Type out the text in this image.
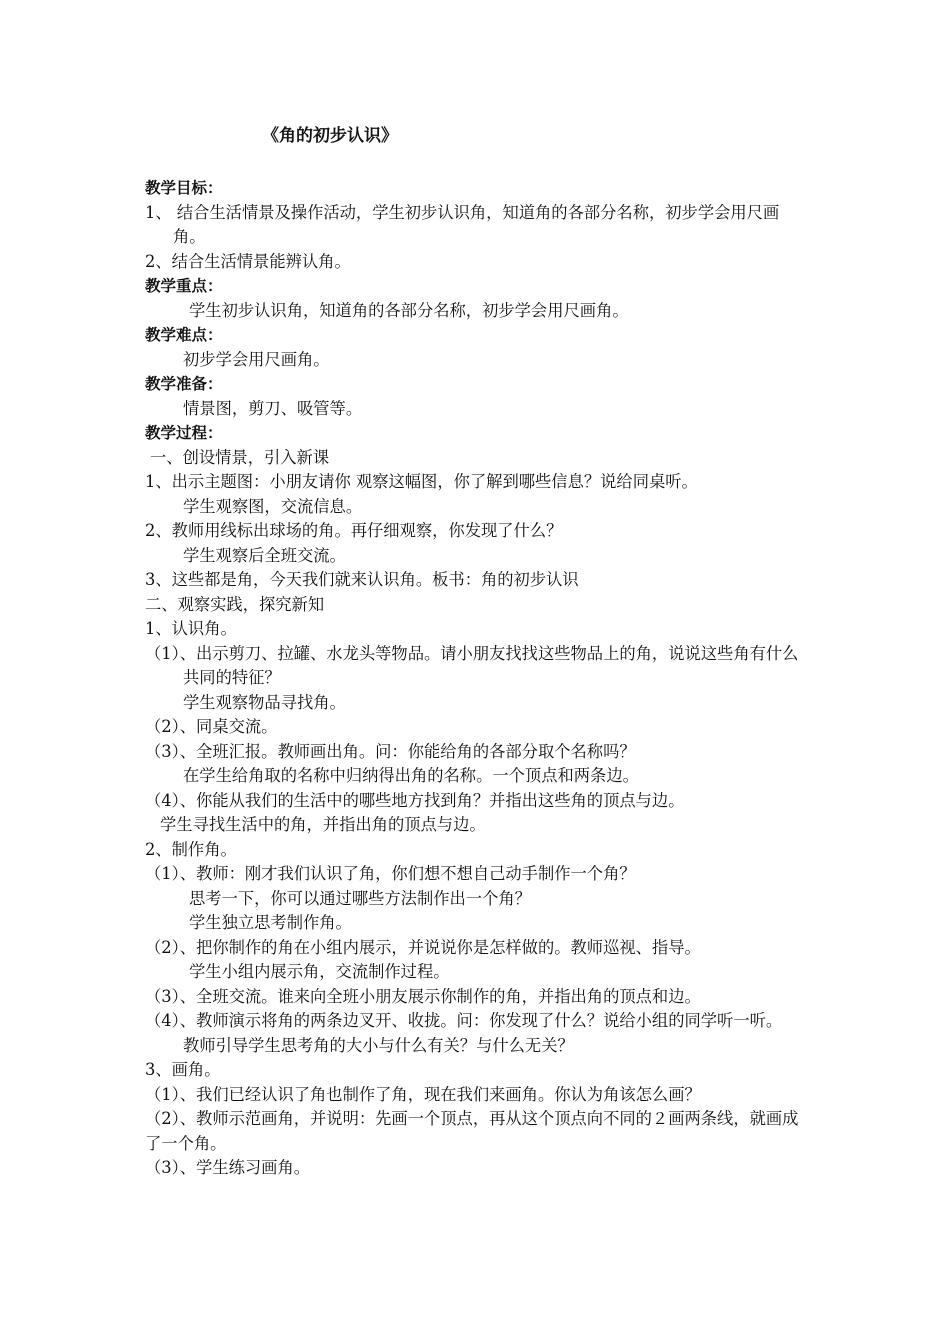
《角的初步认识》
教学目标：
1、 结合生活情景及操作活动，学生初步认识角，知道角的各部分名称，初步学会用尺画角。
2、结合生活情景能辨认角。
教学重点：
学生初步认识角，知道角的各部分名称，初步学会用尺画角。
教学难点：
初步学会用尺画角。
教学准备：
情景图，剪刀、吸管等。
教学过程：
一、创设情景，引入新课
1、出示主题图：小朋友请你 观察这幅图，你了解到哪些信息？说给同桌听。
学生观察图，交流信息。
2、教师用线标出球场的角。再仔细观察，你发现了什么？
学生观察后全班交流。
3、这些都是角，今天我们就来认识角。板书：角的初步认识
二、观察实践，探究新知
1、认识角。
（1）、出示剪刀、拉罐、水龙头等物品。请小朋友找找这些物品上的角，说说这些角有什么共同的特征？
学生观察物品寻找角。
（2）、同桌交流。
（3）、全班汇报。教师画出角。问：你能给角的各部分取个名称吗？
在学生给角取的名称中归纳得出角的名称。一个顶点和两条边。
（4）、你能从我们的生活中的哪些地方找到角？并指出这些角的顶点与边。
学生寻找生活中的角，并指出角的顶点与边。
2、制作角。
（1）、教师：刚才我们认识了角，你们想不想自己动手制作一个角？
思考一下，你可以通过哪些方法制作出一个角？
学生独立思考制作角。
（2）、把你制作的角在小组内展示，并说说你是怎样做的。教师巡视、指导。
学生小组内展示角，交流制作过程。
（3）、全班交流。谁来向全班小朋友展示你制作的角，并指出角的顶点和边。
（4）、教师演示将角的两条边叉开、收拢。问：你发现了什么？说给小组的同学听一听。
教师引导学生思考角的大小与什么有关？与什么无关？
3、画角。
（1）、我们已经认识了角也制作了角，现在我们来画角。你认为角该怎么画？
（2）、教师示范画角，并说明：先画一个顶点，再从这个顶点向不同的２画两条线，就画成了一个角。
（3）、学生练习画角。
